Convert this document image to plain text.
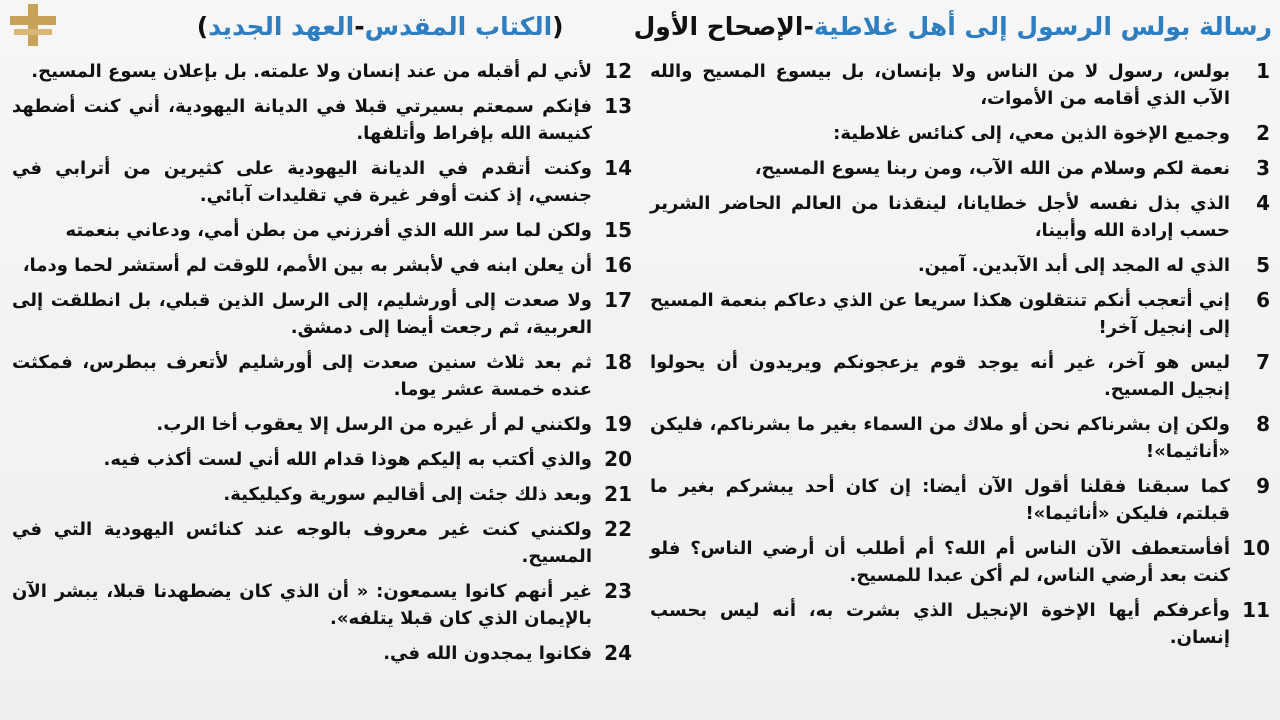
رسالة بولس الرسول إلى أهل غلاطية
-
الإصحاح الأول
(
الكتاب المقدس
-
العهد الجديد
)
1
بولس، رسول لا من الناس ولا بإنسان، بل بيسوع المسيح والله الآب الذي أقامه من الأموات،
2
وجميع الإخوة الذين معي، إلى كنائس غلاطية:
3
نعمة لكم وسلام من الله الآب، ومن ربنا يسوع المسيح،
4
الذي بذل نفسه لأجل خطايانا، لينقذنا من العالم الحاضر الشرير حسب إرادة الله وأبينا،
5
الذي له المجد إلى أبد الآبدين. آمين.
6
إني أتعجب أنكم تنتقلون هكذا سريعا عن الذي دعاكم بنعمة المسيح إلى إنجيل آخر!
7
ليس هو آخر، غير أنه يوجد قوم يزعجونكم ويريدون أن يحولوا إنجيل المسيح.
8
ولكن إن بشرناكم نحن أو ملاك من السماء بغير ما بشرناكم، فليكن «أناثيما»!
9
كما سبقنا فقلنا أقول الآن أيضا: إن كان أحد يبشركم بغير ما قبلتم، فليكن «أناثيما»!
10
أفأستعطف الآن الناس أم الله؟ أم أطلب أن أرضي الناس؟ فلو كنت بعد أرضي الناس، لم أكن عبدا للمسيح.
11
وأعرفكم أيها الإخوة الإنجيل الذي بشرت به، أنه ليس بحسب إنسان.
12
لأني لم أقبله من عند إنسان ولا علمته. بل بإعلان يسوع المسيح.
13
فإنكم سمعتم بسيرتي قبلا في الديانة اليهودية، أني كنت أضطهد كنيسة الله بإفراط وأتلفها.
14
وكنت أتقدم في الديانة اليهودية على كثيرين من أترابي في جنسي، إذ كنت أوفر غيرة في تقليدات آبائي.
15
ولكن لما سر الله الذي أفرزني من بطن أمي، ودعاني بنعمته
16
أن يعلن ابنه في لأبشر به بين الأمم، للوقت لم أستشر لحما ودما،
17
ولا صعدت إلى أورشليم، إلى الرسل الذين قبلي، بل انطلقت إلى العربية، ثم رجعت أيضا إلى دمشق.
18
ثم بعد ثلاث سنين صعدت إلى أورشليم لأتعرف ببطرس، فمكثت عنده خمسة عشر يوما.
19
ولكنني لم أر غيره من الرسل إلا يعقوب أخا الرب.
20
والذي أكتب به إليكم هوذا قدام الله أني لست أكذب فيه.
21
وبعد ذلك جئت إلى أقاليم سورية وكيليكية.
22
ولكنني كنت غير معروف بالوجه عند كنائس اليهودية التي في المسيح.
23
غير أنهم كانوا يسمعون: « أن الذي كان يضطهدنا قبلا، يبشر الآن بالإيمان الذي كان قبلا يتلفه».
24
فكانوا يمجدون الله في.
